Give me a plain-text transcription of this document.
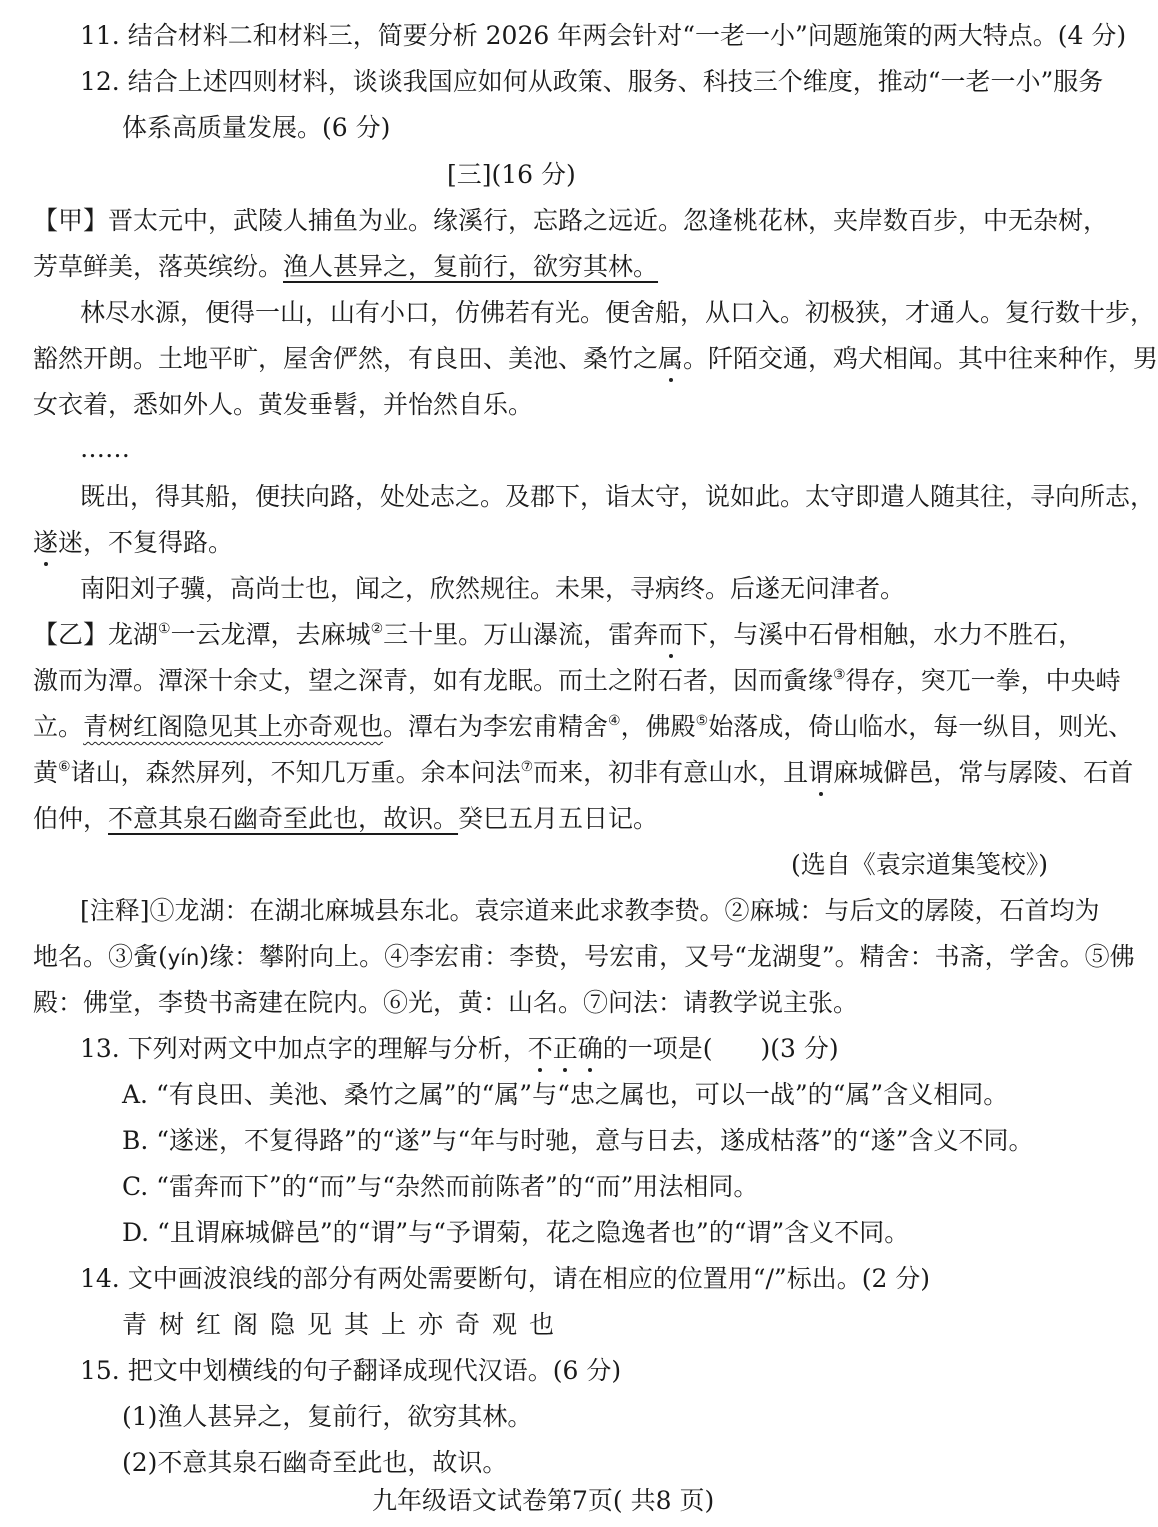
11. 结合材料二和材料三，简要分析 2026 年两会针对“一老一小”问题施策的两大特点。(4 分)
12. 结合上述四则材料，谈谈我国应如何从政策、服务、科技三个维度，推动“一老一小”服务
体系高质量发展。(6 分)
[三](16 分)
【甲】晋太元中，武陵人捕鱼为业。缘溪行，忘路之远近。忽逢桃花林，夹岸数百步，中无杂树，
芳草鲜美，落英缤纷。渔人甚异之，复前行，欲穷其林。
林尽水源，便得一山，山有小口，仿佛若有光。便舍船，从口入。初极狭，才通人。复行数十步，
豁然开朗。土地平旷，屋舍俨然，有良田、美池、桑竹之属。阡陌交通，鸡犬相闻。其中往来种作，男
女衣着，悉如外人。黄发垂髫，并怡然自乐。
……
既出，得其船，便扶向路，处处志之。及郡下，诣太守，说如此。太守即遣人随其往，寻向所志，
遂迷，不复得路。
南阳刘子骥，高尚士也，闻之，欣然规往。未果，寻病终。后遂无问津者。
【乙】龙湖①一云龙潭，去麻城②三十里。万山瀑流，雷奔而下，与溪中石骨相触，水力不胜石，
激而为潭。潭深十余丈，望之深青，如有龙眠。而土之附石者，因而夤缘③得存，突兀一拳，中央峙
立。青树红阁隐见其上亦奇观也。潭右为李宏甫精舍④，佛殿⑤始落成，倚山临水，每一纵目，则光、
黄⑥诸山，森然屏列，不知几万重。余本问法⑦而来，初非有意山水，且谓麻城僻邑，常与孱陵、石首
伯仲，不意其泉石幽奇至此也，故识。癸巳五月五日记。
(选自《袁宗道集笺校》)
[注释]①龙湖：在湖北麻城县东北。袁宗道来此求教李贽。②麻城：与后文的孱陵，石首均为
地名。③夤(yín)缘：攀附向上。④李宏甫：李贽，号宏甫，又号“龙湖叟”。精舍：书斋，学舍。⑤佛
殿：佛堂，李贽书斋建在院内。⑥光，黄：山名。⑦问法：请教学说主张。
13. 下列对两文中加点字的理解与分析，不正确的一项是( )(3 分)
A. “有良田、美池、桑竹之属”的“属”与“忠之属也，可以一战”的“属”含义相同。
B. “遂迷，不复得路”的“遂”与“年与时驰，意与日去，遂成枯落”的“遂”含义不同。
C. “雷奔而下”的“而”与“杂然而前陈者”的“而”用法相同。
D. “且谓麻城僻邑”的“谓”与“予谓菊，花之隐逸者也”的“谓”含义不同。
14. 文中画波浪线的部分有两处需要断句，请在相应的位置用“/”标出。(2 分)
青树红阁隐见其上亦奇观也
15. 把文中划横线的句子翻译成现代汉语。(6 分)
(1)渔人甚异之，复前行，欲穷其林。
(2)不意其泉石幽奇至此也，故识。
九年级语文试卷第7页( 共8 页)
